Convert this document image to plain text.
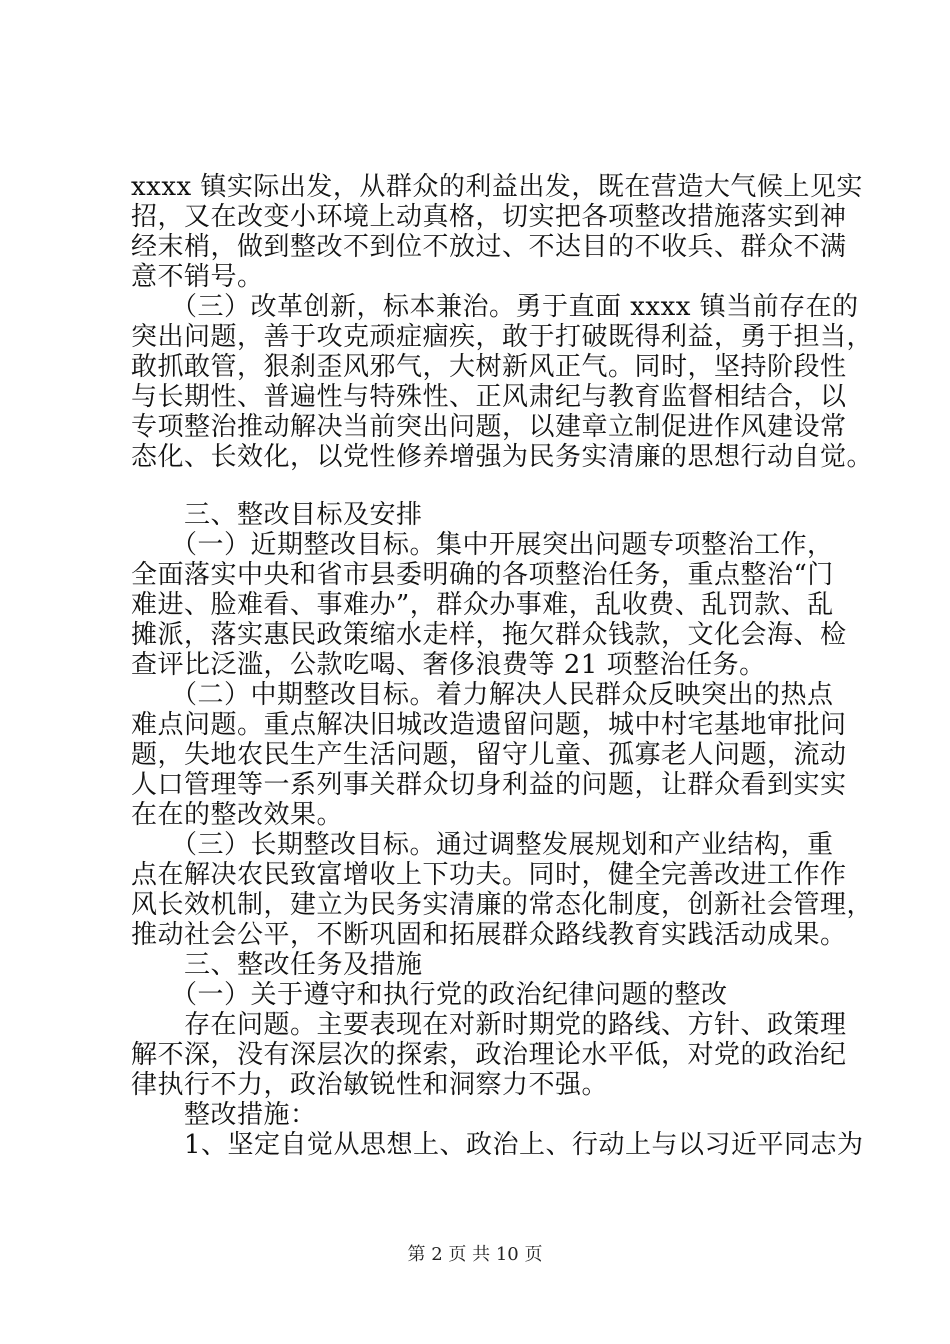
xxxx 镇实际出发，从群众的利益出发，既在营造大气候上见实
招，又在改变小环境上动真格，切实把各项整改措施落实到神
经末梢，做到整改不到位不放过、不达目的不收兵、群众不满
意不销号。
　　（三）改革创新，标本兼治。勇于直面 xxxx 镇当前存在的
突出问题，善于攻克顽症痼疾，敢于打破既得利益，勇于担当，
敢抓敢管，狠刹歪风邪气，大树新风正气。同时，坚持阶段性
与长期性、普遍性与特殊性、正风肃纪与教育监督相结合，以
专项整治推动解决当前突出问题，以建章立制促进作风建设常
态化、长效化，以党性修养增强为民务实清廉的思想行动自觉。
　　三、整改目标及安排
　　（一）近期整改目标。集中开展突出问题专项整治工作，
全面落实中央和省市县委明确的各项整治任务，重点整治“门
难进、脸难看、事难办”，群众办事难，乱收费、乱罚款、乱
摊派，落实惠民政策缩水走样，拖欠群众钱款，文化会海、检
查评比泛滥，公款吃喝、奢侈浪费等 21 项整治任务。
　　（二）中期整改目标。着力解决人民群众反映突出的热点
难点问题。重点解决旧城改造遗留问题，城中村宅基地审批问
题，失地农民生产生活问题，留守儿童、孤寡老人问题，流动
人口管理等一系列事关群众切身利益的问题，让群众看到实实
在在的整改效果。
　　（三）长期整改目标。通过调整发展规划和产业结构，重
点在解决农民致富增收上下功夫。同时，健全完善改进工作作
风长效机制，建立为民务实清廉的常态化制度，创新社会管理，
推动社会公平，不断巩固和拓展群众路线教育实践活动成果。
　　三、整改任务及措施
　　（一）关于遵守和执行党的政治纪律问题的整改
　　存在问题。主要表现在对新时期党的路线、方针、政策理
解不深，没有深层次的探索，政治理论水平低，对党的政治纪
律执行不力，政治敏锐性和洞察力不强。
　　整改措施：
　　1、坚定自觉从思想上、政治上、行动上与以习近平同志为
第 2 页 共 10 页
